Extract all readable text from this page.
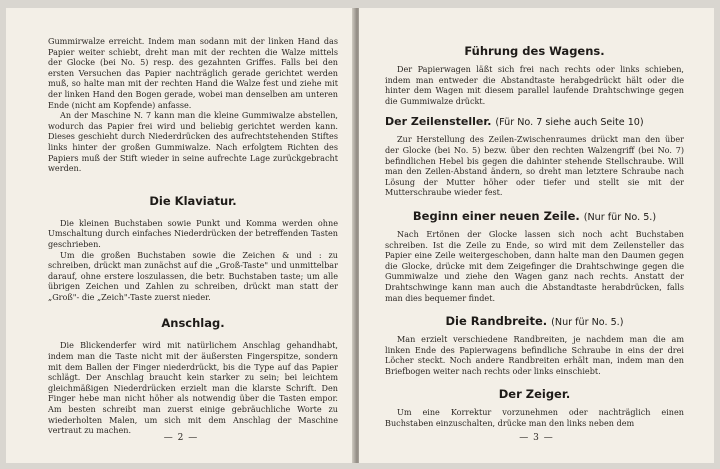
Gummirwalze erreicht. Indem man sodann mit der linken Hand das Papier weiter schiebt, dreht man mit der rechten die Walze mittels der Glocke (bei No. 5) resp. des gezahnten Griffes. Falls bei den ersten Versuchen das Papier nachträglich gerade gerichtet werden muß, so halte man mit der rechten Hand die Walze fest und ziehe mit der linken Hand den Bogen gerade, wobei man denselben am unteren Ende (nicht am Kopfende) anfasse.

An der Maschine N. 7 kann man die kleine Gummiwalze abstellen, wodurch das Papier frei wird und beliebig gerichtet werden kann. Dieses geschieht durch Niederdrücken des aufrechtstehenden Stiftes links hinter der großen Gummiwalze. Nach erfolgtem Richten des Papiers muß der Stift wieder in seine aufrechte Lage zurückgebracht werden.

Die Klaviatur.

Die kleinen Buchstaben sowie Punkt und Komma werden ohne Umschaltung durch einfaches Niederdrücken der betreffenden Tasten geschrieben.

Um die großen Buchstaben sowie die Zeichen & und : zu schreiben, drückt man zunächst auf die „Groß-Taste" und unmittelbar darauf, ohne erstere loszulassen, die betr. Buchstaben taste; um alle übrigen Zeichen und Zahlen zu schreiben, drückt man statt der „Groß"- die „Zeich"-Taste zuerst nieder.

Anschlag.

Die Blickenderfer wird mit natürlichem Anschlag gehandhabt, indem man die Taste nicht mit der äußersten Fingerspitze, sondern mit dem Ballen der Finger niederdrückt, bis die Type auf das Papier schlägt. Der Anschlag braucht kein starker zu sein; bei leichtem gleichmäßigen Niederdrücken erzielt man die klarste Schrift. Den Finger hebe man nicht höher als notwendig über die Tasten empor. Am besten schreibt man zuerst einige gebräuchliche Worte zu wiederholten Malen, um sich mit dem Anschlag der Maschine vertraut zu machen.

— 2 —
Führung des Wagens.

Der Papierwagen läßt sich frei nach rechts oder links schieben, indem man entweder die Abstandtaste herabgedrückt hält oder die hinter dem Wagen mit diesem parallel laufende Drahtschwinge gegen die Gummiwalze drückt.

Der Zeilensteller. (Für No. 7 siehe auch Seite 10)

Zur Herstellung des Zeilen-Zwischenraumes drückt man den über der Glocke (bei No. 5) bezw. über den rechten Walzengriff (bei No. 7) befindlichen Hebel bis gegen die dahinter stehende Stellschraube. Will man den Zeilen-Abstand ändern, so dreht man letztere Schraube nach Lösung der Mutter höher oder tiefer und stellt sie mit der Mutterschraube wieder fest.

Beginn einer neuen Zeile. (Nur für No. 5.)

Nach Ertönen der Glocke lassen sich noch acht Buchstaben schreiben. Ist die Zeile zu Ende, so wird mit dem Zeilensteller das Papier eine Zeile weitergeschoben, dann halte man den Daumen gegen die Glocke, drücke mit dem Zeigefinger die Drahtschwinge gegen die Gummiwalze und ziehe den Wagen ganz nach rechts. Anstatt der Drahtschwinge kann man auch die Abstandtaste herabdrücken, falls man dies bequemer findet.

Die Randbreite. (Nur für No. 5.)

Man erzielt verschiedene Randbreiten, je nachdem man die am linken Ende des Papierwagens befindliche Schraube in eins der drei Löcher steckt. Noch andere Randbreiten erhält man, indem man den Briefbogen weiter nach rechts oder links einschiebt.

Der Zeiger.

Um eine Korrektur vorzunehmen oder nachträglich einen Buchstaben einzuschalten, drücke man den links neben dem

— 3 —
